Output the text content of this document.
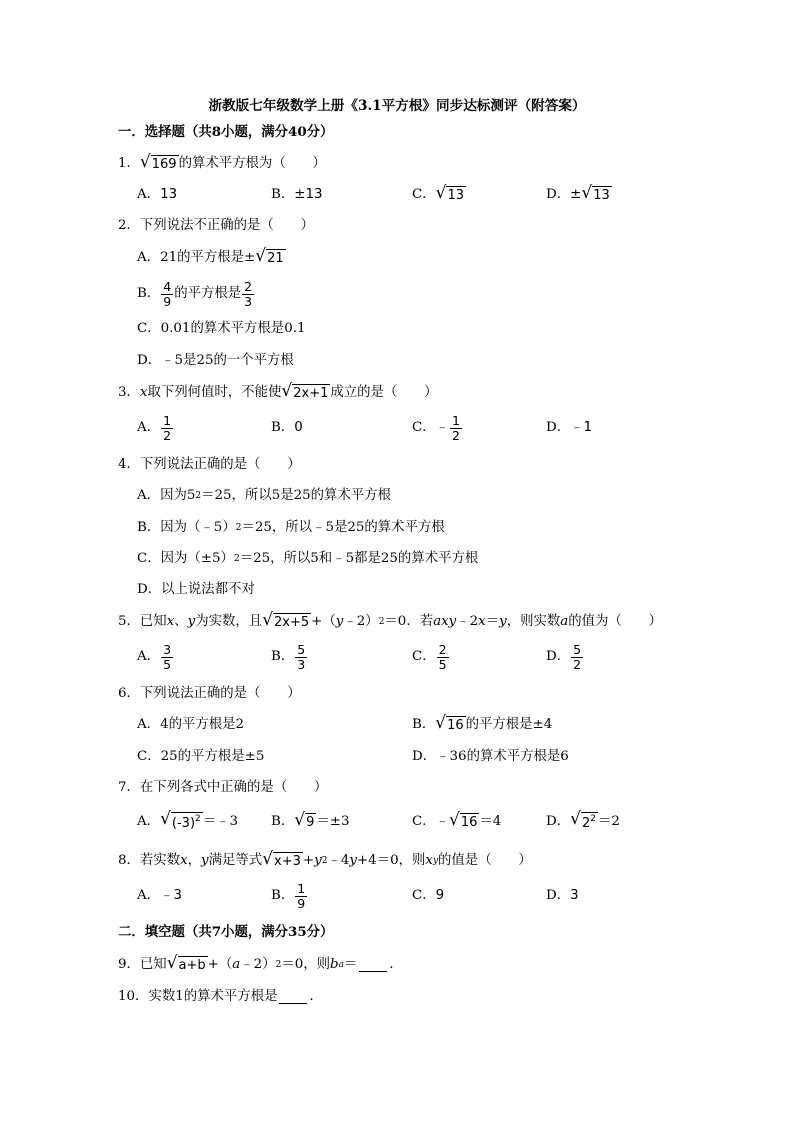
浙教版七年级数学上册《3.1平方根》同步达标测评（附答案）
一．选择题（共8小题，满分40分）
1． √ 169 的算术平方根为（　　）
A． 13	B． ±13	C． √ 13	D． ± √ 13
2． 下列说法不正确的是（　　）
A． 21的平方根是± √ 21
B． $\frac{4}{9}$ 的平方根是 $\frac{2}{3}$
C． 0.01的算术平方根是0.1
D． ﹣5是25的一个平方根
3． x 取下列何值时，不能使 √ 2x+1 成立的是（　　）
A． $\frac{1}{2}$	B． 0	C． ﹣ $\frac{1}{2}$	D． ﹣1
4． 下列说法正确的是（　　）
A． 因为5 2 ＝25，所以5是25的算术平方根
B． 因为（﹣5） 2 ＝25，所以﹣5是25的算术平方根
C． 因为（±5） 2 ＝25，所以5和﹣5都是25的算术平方根
D． 以上说法都不对
5． 已知 x 、 y 为实数，且 √ 2x+5 +（ y ﹣2） 2 ＝0．若 axy ﹣2 x ＝ y ，则实数 a 的值为（　　）
A． $\frac{3}{5}$	B． $\frac{5}{3}$	C． $\frac{2}{5}$	D． $\frac{5}{2}$
6． 下列说法正确的是（　　）
A． 4的平方根是2	B． √ 16 的平方根是±4
C． 25的平方根是±5	D． ﹣36的算术平方根是6
7． 在下列各式中正确的是（　　）
A． √ $(-3)^2$ ＝﹣3 B． √ 9 ＝±3	C． ﹣ √ 16 ＝4	D． √ $2^2 =2$
8． 若实数 x ， y 满足等式 √ x+3 + y 2 ﹣4 y +4＝0，则 x y 的值是（　　）
A． ﹣3	B． $\frac{1}{9}$	C． 9	D． 3
二．填空题（共7小题，满分35分）
9． 已知 √ a+b +（ a ﹣2） 2 ＝0，则 b a ＝ ．
10． 实数1的算术平方根是 ．
